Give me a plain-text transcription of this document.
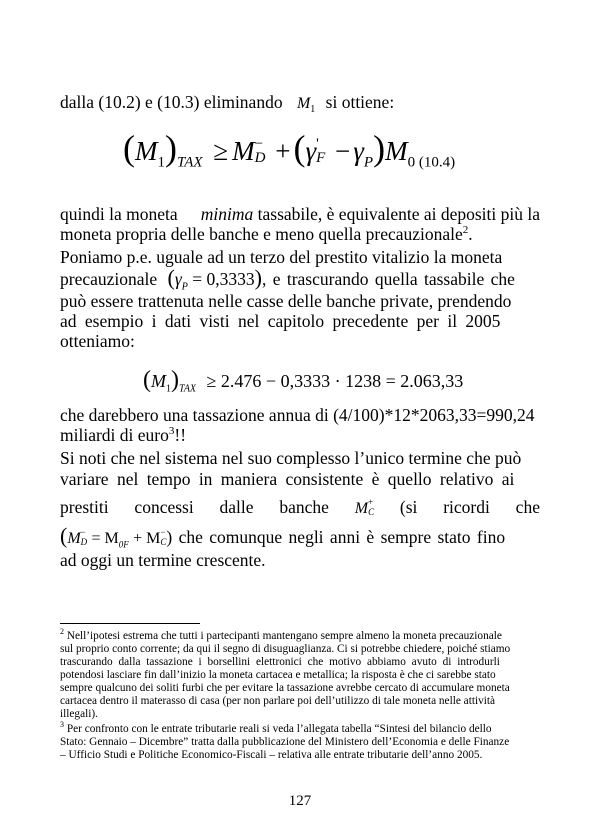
dalla (10.2) e (10.3) eliminando $M_1$ si ottiene:
$(M_1)_{TAX} \ge M$ −
D +(γ '
$F - \gamma_P)M_{0 (10.4)}$
quindi la moneta minima tassabile, è equivalente ai depositi più la
moneta propria delle banche e meno quella precauzionale$^2$.
Poniamo p.e. uguale ad un terzo del prestito vitalizio la moneta
precauzionale $(\gamma_P = 0,3333)$, e trascurando quella tassabile che
può essere trattenuta nelle casse delle banche private, prendendo
ad esempio i dati visti nel capitolo precedente per il 2005
otteniamo:
$(M_1)_{TAX} \ge 2.476 - 0,3333 \cdot 1238 = 2.063,33$
che darebbero una tassazione annua di (4/100)*12*2063,33=990,24
miliardi di euro$^3$!!
Si noti che nel sistema nel suo complesso l’unico termine che può
variare nel tempo in maniera consistente è quello relativo ai
prestiti concessi dalle banche M +
C (si ricordi che
(M −
$D = M_{0F} + M$ −
C ) che comunque negli anni è sempre stato fino
ad oggi un termine crescente.
$^2$ Nell’ipotesi estrema che tutti i partecipanti mantengano sempre almeno la moneta precauzionale
sul proprio conto corrente; da qui il segno di disuguaglianza. Ci si potrebbe chiedere, poiché stiamo
trascurando dalla tassazione i borsellini elettronici che motivo abbiamo avuto di introdurli
potendosi lasciare fin dall’inizio la moneta cartacea e metallica; la risposta è che ci sarebbe stato
sempre qualcuno dei soliti furbi che per evitare la tassazione avrebbe cercato di accumulare moneta
cartacea dentro il materasso di casa (per non parlare poi dell’utilizzo di tale moneta nelle attività
illegali).
$^3$ Per confronto con le entrate tributarie reali si veda l’allegata tabella “Sintesi del bilancio dello
Stato: Gennaio – Dicembre” tratta dalla pubblicazione del Ministero dell’Economia e delle Finanze
– Ufficio Studi e Politiche Economico-Fiscali – relativa alle entrate tributarie dell’anno 2005.
127
